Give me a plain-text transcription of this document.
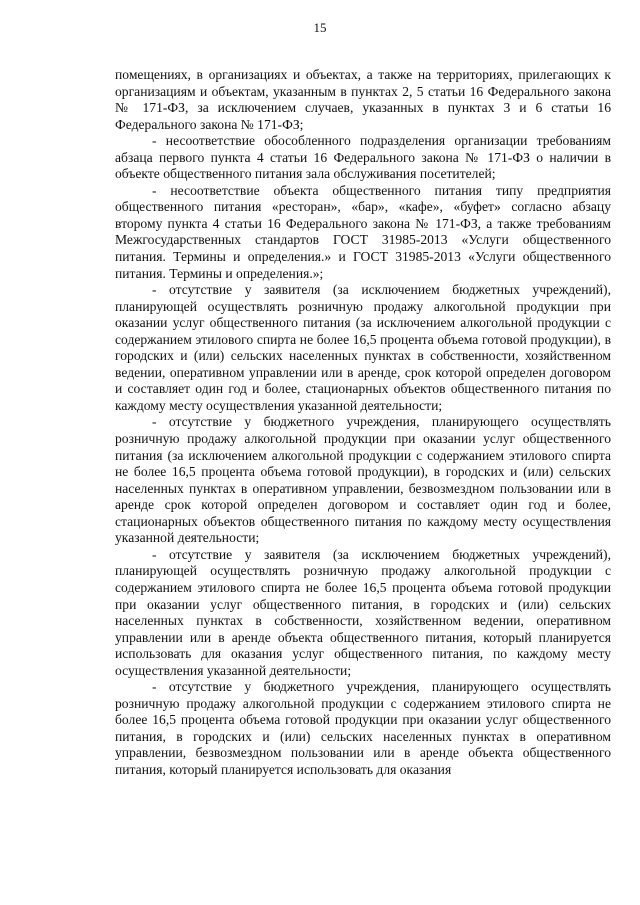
15

помещениях, в организациях и объектах, а также на территориях, прилегающих к организациям и объектам, указанным в пунктах 2, 5 статьи 16 Федерального закона № 171-ФЗ, за исключением случаев, указанных в пунктах 3 и 6 статьи 16 Федерального закона № 171-ФЗ;

- несоответствие обособленного подразделения организации требованиям абзаца первого пункта 4 статьи 16 Федерального закона № 171-ФЗ о наличии в объекте общественного питания зала обслуживания посетителей;

- несоответствие объекта общественного питания типу предприятия общественного питания «ресторан», «бар», «кафе», «буфет» согласно абзацу второму пункта 4 статьи 16 Федерального закона № 171-ФЗ, а также требованиям Межгосударственных стандартов ГОСТ 31985-2013 «Услуги общественного питания. Термины и определения.» и ГОСТ 31985-2013 «Услуги общественного питания. Термины и определения.»;

- отсутствие у заявителя (за исключением бюджетных учреждений), планирующей осуществлять розничную продажу алкогольной продукции при оказании услуг общественного питания (за исключением алкогольной продукции с содержанием этилового спирта не более 16,5 процента объема готовой продукции), в городских и (или) сельских населенных пунктах в собственности, хозяйственном ведении, оперативном управлении или в аренде, срок которой определен договором и составляет один год и более, стационарных объектов общественного питания по каждому месту осуществления указанной деятельности;

- отсутствие у бюджетного учреждения, планирующего осуществлять розничную продажу алкогольной продукции при оказании услуг общественного питания (за исключением алкогольной продукции с содержанием этилового спирта не более 16,5 процента объема готовой продукции), в городских и (или) сельских населенных пунктах в оперативном управлении, безвозмездном пользовании или в аренде срок которой определен договором и составляет один год и более, стационарных объектов общественного питания по каждому месту осуществления указанной деятельности;

- отсутствие у заявителя (за исключением бюджетных учреждений), планирующей осуществлять розничную продажу алкогольной продукции с содержанием этилового спирта не более 16,5 процента объема готовой продукции при оказании услуг общественного питания, в городских и (или) сельских населенных пунктах в собственности, хозяйственном ведении, оперативном управлении или в аренде объекта общественного питания, который планируется использовать для оказания услуг общественного питания, по каждому месту осуществления указанной деятельности;

- отсутствие у бюджетного учреждения, планирующего осуществлять розничную продажу алкогольной продукции с содержанием этилового спирта не более 16,5 процента объема готовой продукции при оказании услуг общественного питания, в городских и (или) сельских населенных пунктах в оперативном управлении, безвозмездном пользовании или в аренде объекта общественного питания, который планируется использовать для оказания
